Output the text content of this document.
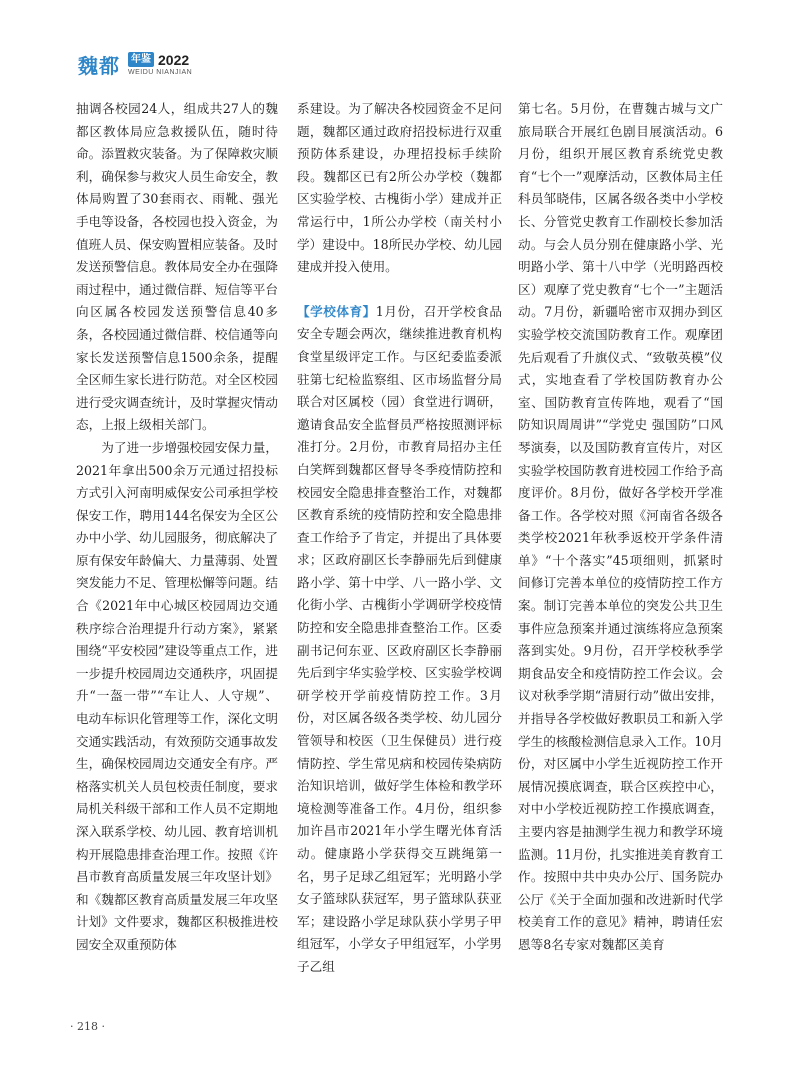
魏都	年鉴 2022
WEIDU NIANJIAN

抽调各校园24人，组成共27人的魏都区教体局应急救援队伍，随时待命。添置救灾装备。为了保障救灾顺利，确保参与救灾人员生命安全，教体局购置了30套雨衣、雨靴、强光手电等设备，各校园也投入资金，为值班人员、保安购置相应装备。及时发送预警信息。教体局安全办在强降雨过程中，通过微信群、短信等平台向区属各校园发送预警信息40多条，各校园通过微信群、校信通等向家长发送预警信息1500余条，提醒全区师生家长进行防范。对全区校园进行受灾调查统计，及时掌握灾情动态，上报上级相关部门。

为了进一步增强校园安保力量，2021年拿出500余万元通过招投标方式引入河南明威保安公司承担学校保安工作，聘用144名保安为全区公办中小学、幼儿园服务，彻底解决了原有保安年龄偏大、力量薄弱、处置突发能力不足、管理松懈等问题。结合《2021年中心城区校园周边交通秩序综合治理提升行动方案》，紧紧围绕“平安校园”建设等重点工作，进一步提升校园周边交通秩序，巩固提升“一盔一带”“车让人、人守规”、电动车标识化管理等工作，深化文明交通实践活动，有效预防交通事故发生，确保校园周边交通安全有序。严格落实机关人员包校责任制度，要求局机关科级干部和工作人员不定期地深入联系学校、幼儿园、教育培训机构开展隐患排查治理工作。按照《许昌市教育高质量发展三年攻坚计划》和《魏都区教育高质量发展三年攻坚计划》文件要求，魏都区积极推进校园安全双重预防体

系建设。为了解决各校园资金不足问题，魏都区通过政府招投标进行双重预防体系建设，办理招投标手续阶段。魏都区已有2所公办学校（魏都区实验学校、古槐街小学）建成并正常运行中，1所公办学校（南关村小学）建设中。18所民办学校、幼儿园建成并投入使用。

【学校体育】1月份，召开学校食品安全专题会两次，继续推进教育机构食堂星级评定工作。与区纪委监委派驻第七纪检监察组、区市场监督分局联合对区属校（园）食堂进行调研，邀请食品安全监督员严格按照测评标准打分。2月份，市教育局招办主任白笑辉到魏都区督导冬季疫情防控和校园安全隐患排查整治工作，对魏都区教育系统的疫情防控和安全隐患排查工作给予了肯定，并提出了具体要求；区政府副区长李静丽先后到健康路小学、第十中学、八一路小学、文化街小学、古槐街小学调研学校疫情防控和安全隐患排查整治工作。区委副书记何东亚、区政府副区长李静丽先后到宇华实验学校、区实验学校调研学校开学前疫情防控工作。3月份，对区属各级各类学校、幼儿园分管领导和校医（卫生保健员）进行疫情防控、学生常见病和校园传染病防治知识培训，做好学生体检和教学环境检测等准备工作。4月份，组织参加许昌市2021年小学生曙光体育活动。健康路小学获得交互跳绳第一名，男子足球乙组冠军；光明路小学女子篮球队获冠军，男子篮球队获亚军；建设路小学足球队获小学男子甲组冠军，小学女子甲组冠军，小学男子乙组

第七名。5月份，在曹魏古城与文广旅局联合开展红色剧目展演活动。6月份，组织开展区教育系统党史教育“七个一”观摩活动，区教体局主任科员邹晓伟，区属各级各类中小学校长、分管党史教育工作副校长参加活动。与会人员分别在健康路小学、光明路小学、第十八中学（光明路西校区）观摩了党史教育“七个一”主题活动。7月份，新疆哈密市双拥办到区实验学校交流国防教育工作。观摩团先后观看了升旗仪式、“致敬英模”仪式，实地查看了学校国防教育办公室、国防教育宣传阵地，观看了“国防知识周周讲”“学党史 强国防”口风琴演奏，以及国防教育宣传片，对区实验学校国防教育进校园工作给予高度评价。8月份，做好各学校开学准备工作。各学校对照《河南省各级各类学校2021年秋季返校开学条件清单》“十个落实”45项细则，抓紧时间修订完善本单位的疫情防控工作方案。制订完善本单位的突发公共卫生事件应急预案并通过演练将应急预案落到实处。9月份，召开学校秋季学期食品安全和疫情防控工作会议。会议对秋季学期“清厨行动”做出安排，并指导各学校做好教职员工和新入学学生的核酸检测信息录入工作。10月份，对区属中小学生近视防控工作开展情况摸底调查，联合区疾控中心，对中小学校近视防控工作摸底调查，主要内容是抽测学生视力和教学环境监测。11月份，扎实推进美育教育工作。按照中共中央办公厅、国务院办公厅《关于全面加强和改进新时代学校美育工作的意见》精神，聘请任宏恩等8名专家对魏都区美育

· 218 ·
